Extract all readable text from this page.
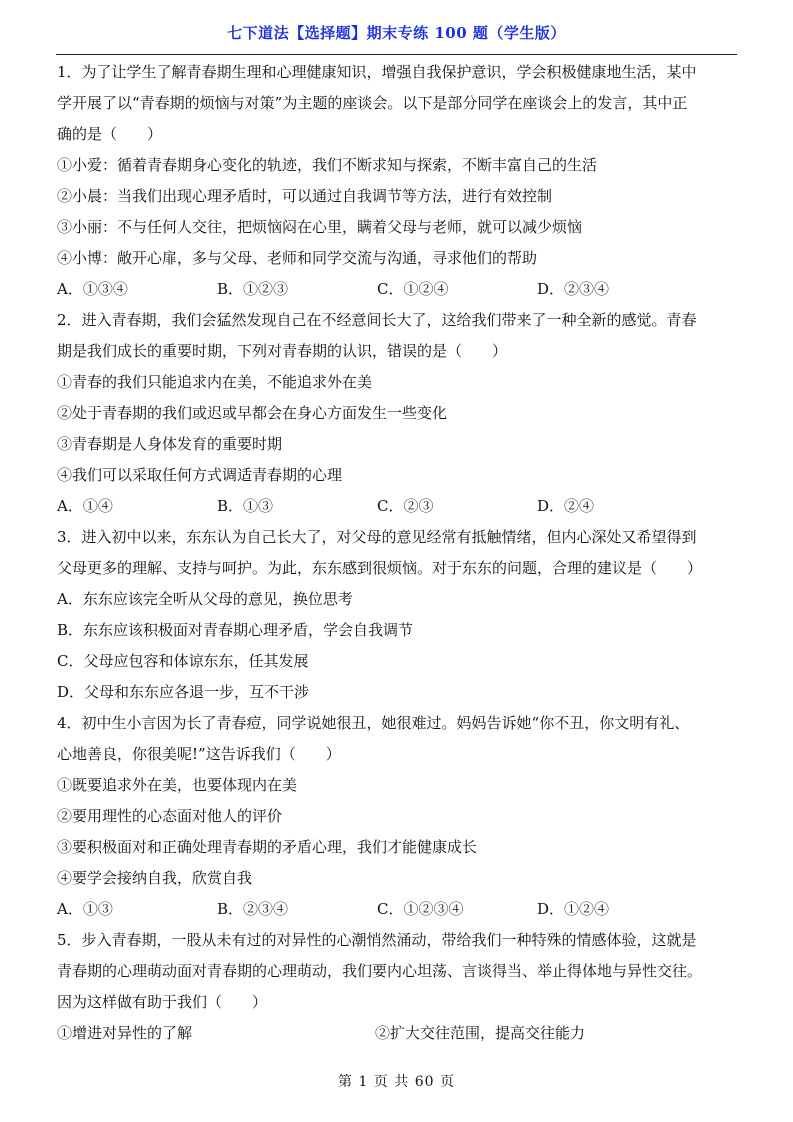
七下道法【选择题】期末专练 100 题（学生版）
1．为了让学生了解青春期生理和心理健康知识，增强自我保护意识，学会积极健康地生活，某中
学开展了以“青春期的烦恼与对策”为主题的座谈会。以下是部分同学在座谈会上的发言，其中正
确的是（　　）
①小爱：循着青春期身心变化的轨迹，我们不断求知与探索，不断丰富自己的生活
②小晨：当我们出现心理矛盾时，可以通过自我调节等方法，进行有效控制
③小丽：不与任何人交往，把烦恼闷在心里，瞒着父母与老师，就可以减少烦恼
④小博：敞开心扉，多与父母、老师和同学交流与沟通，寻求他们的帮助
A．①③④	B．①②③	C．①②④	D．②③④
2．进入青春期，我们会猛然发现自己在不经意间长大了，这给我们带来了一种全新的感觉。青春
期是我们成长的重要时期，下列对青春期的认识，错误的是（　　）
①青春的我们只能追求内在美，不能追求外在美
②处于青春期的我们或迟或早都会在身心方面发生一些变化
③青春期是人身体发育的重要时期
④我们可以采取任何方式调适青春期的心理
A．①④	B．①③	C．②③	D．②④
3．进入初中以来，东东认为自己长大了，对父母的意见经常有抵触情绪，但内心深处又希望得到
父母更多的理解、支持与呵护。为此，东东感到很烦恼。对于东东的问题，合理的建议是（　　）
A．东东应该完全听从父母的意见，换位思考
B．东东应该积极面对青春期心理矛盾，学会自我调节
C．父母应包容和体谅东东，任其发展
D．父母和东东应各退一步，互不干涉
4．初中生小言因为长了青春痘，同学说她很丑，她很难过。妈妈告诉她“你不丑，你文明有礼、
心地善良，你很美呢!”这告诉我们（　　）
①既要追求外在美，也要体现内在美
②要用理性的心态面对他人的评价
③要积极面对和正确处理青春期的矛盾心理，我们才能健康成长
④要学会接纳自我，欣赏自我
A．①③	B．②③④	C．①②③④	D．①②④
5．步入青春期，一股从未有过的对异性的心潮悄然涌动，带给我们一种特殊的情感体验，这就是
青春期的心理萌动面对青春期的心理萌动，我们要内心坦荡、言谈得当、举止得体地与异性交往。
因为这样做有助于我们（　　）
①增进对异性的了解	②扩大交往范围，提高交往能力
第 1 页 共 60 页
